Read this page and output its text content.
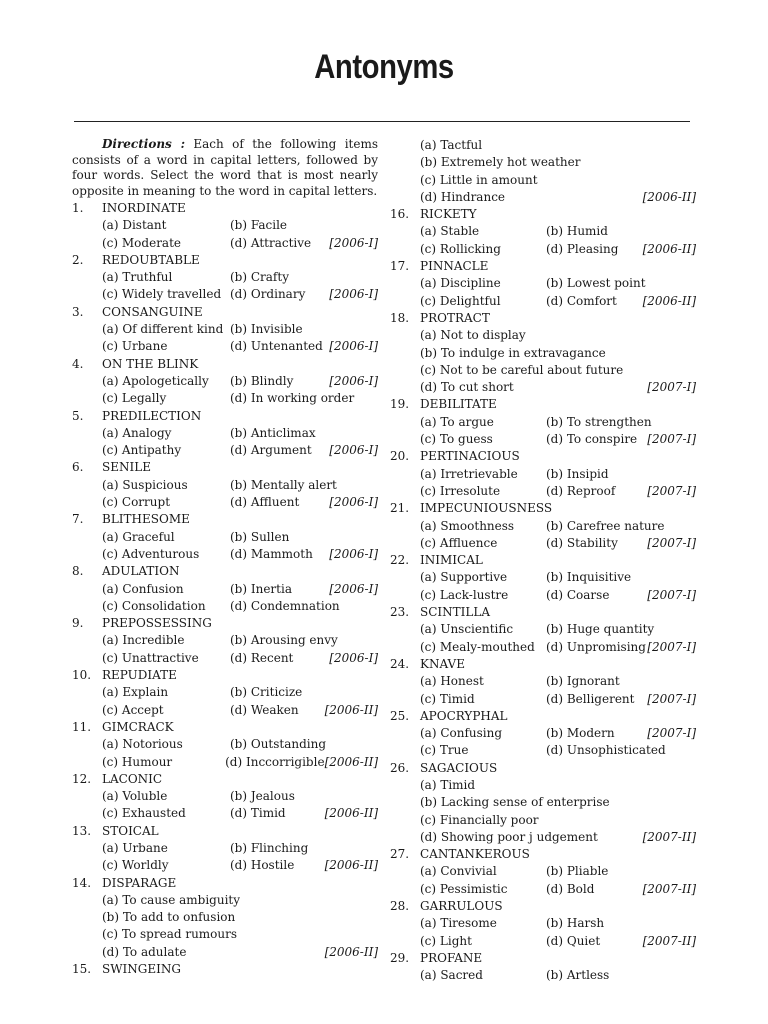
Antonyms
Directions : Each of the following items consists of a word in capital letters, followed by four words. Select the word that is most nearly opposite in meaning to the word in capital letters.
1.	INORDINATE
(a) Distant	(b) Facile
(c) Moderate	(d) Attractive	[2006-I]
2.	REDOUBTABLE
(a) Truthful	(b) Crafty
(c) Widely travelled (d) Ordinary	[2006-I]
3.	CONSANGUINE
(a) Of different kind (b) Invisible
(c) Urbane	(d) Untenanted [2006-I]
4.	ON THE BLINK
(a) Apologetically	(b) Blindly	[2006-I]
(c) Legally	(d) In working order
5.	PREDILECTION
(a) Analogy	(b) Anticlimax
(c) Antipathy	(d) Argument	[2006-I]
6.	SENILE
(a) Suspicious	(b) Mentally alert
(c) Corrupt	(d) Affluent	[2006-I]
7.	BLITHESOME
(a) Graceful	(b) Sullen
(c) Adventurous	(d) Mammoth	[2006-I]
8.	ADULATION
(a) Confusion	(b) Inertia	[2006-I]
(c) Consolidation	(d) Condemnation
9.	PREPOSSESSING
(a) Incredible	(b) Arousing envy
(c) Unattractive	(d) Recent	[2006-I]
10. REPUDIATE
(a) Explain	(b) Criticize
(c) Accept	(d) Weaken	[2006-II]
11. GIMCRACK
(a) Notorious	(b) Outstanding
(c) Humour	(d) Inccorrigible [2006-II]
12. LACONIC
(a) Voluble	(b) Jealous
(c) Exhausted	(d) Timid	[2006-II]
13. STOICAL
(a) Urbane	(b) Flinching
(c) Worldly	(d) Hostile	[2006-II]
14. DISPARAGE
(a) To cause ambiguity
(b) To add to onfusion
(c) To spread rumours
(d) To adulate	[2006-II]
15. SWINGEING
(a) Tactful
(b) Extremely hot weather
(c) Little in amount
(d) Hindrance	[2006-II]
16. RICKETY
(a) Stable	(b) Humid
(c) Rollicking	(d) Pleasing	[2006-II]
17. PINNACLE
(a) Discipline	(b) Lowest point
(c) Delightful	(d) Comfort	[2006-II]
18. PROTRACT
(a) Not to display
(b) To indulge in extravagance
(c) Not to be careful about future
(d) To cut short	[2007-I]
19. DEBILITATE
(a) To argue	(b) To strengthen
(c) To guess	(d) To conspire [2007-I]
20. PERTINACIOUS
(a) Irretrievable	(b) Insipid
(c) Irresolute	(d) Reproof	[2007-I]
21. IMPECUNIOUSNESS
(a) Smoothness	(b) Carefree nature
(c) Affluence	(d) Stability	[2007-I]
22. INIMICAL
(a) Supportive	(b) Inquisitive
(c) Lack-lustre	(d) Coarse	[2007-I]
23. SCINTILLA
(a) Unscientific	(b) Huge quantity
(c) Mealy-mouthed (d) Unpromising [2007-I]
24. KNAVE
(a) Honest	(b) Ignorant
(c) Timid	(d) Belligerent	[2007-I]
25. APOCRYPHAL
(a) Confusing	(b) Modern	[2007-I]
(c) True	(d) Unsophisticated
26. SAGACIOUS
(a) Timid
(b) Lacking sense of enterprise
(c) Financially poor
(d) Showing poor j udgement	[2007-II]
27. CANTANKEROUS
(a) Convivial	(b) Pliable
(c) Pessimistic	(d) Bold	[2007-II]
28. GARRULOUS
(a) Tiresome	(b) Harsh
(c) Light	(d) Quiet	[2007-II]
29. PROFANE
(a) Sacred	(b) Artless
